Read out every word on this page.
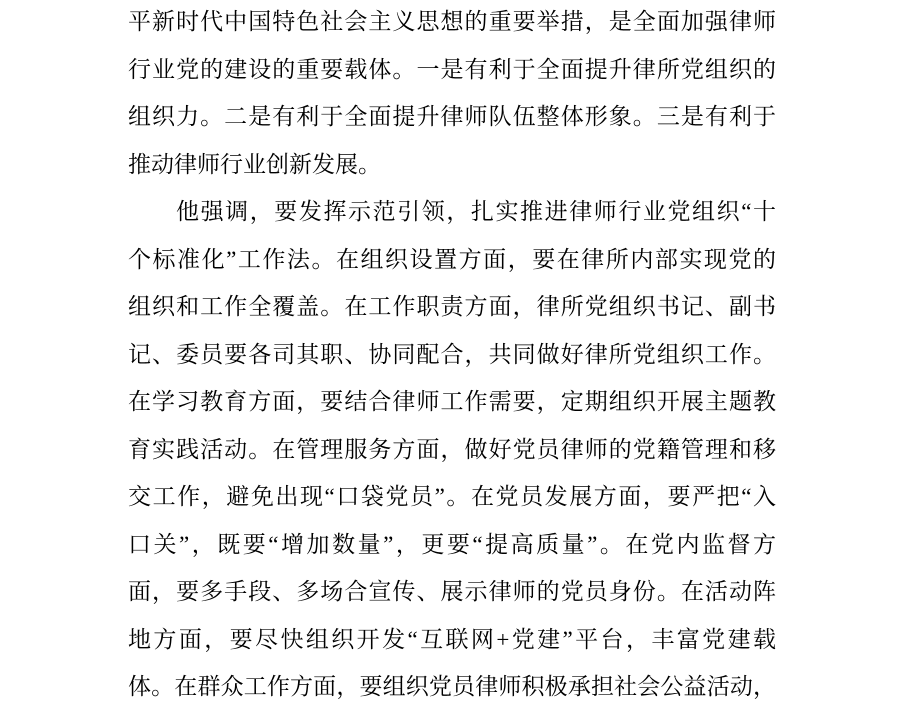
平新时代中国特色社会主义思想的重要举措，是全面加强律师
行业党的建设的重要载体。一是有利于全面提升律所党组织的
组织力。二是有利于全面提升律师队伍整体形象。三是有利于
推动律师行业创新发展。
他强调，要发挥示范引领，扎实推进律师行业党组织“十
个标准化”工作法。在组织设置方面，要在律所内部实现党的
组织和工作全覆盖。在工作职责方面，律所党组织书记、副书
记、委员要各司其职、协同配合，共同做好律所党组织工作。
在学习教育方面，要结合律师工作需要，定期组织开展主题教
育实践活动。在管理服务方面，做好党员律师的党籍管理和移
交工作，避免出现“口袋党员”。在党员发展方面，要严把“入
口关”，既要“增加数量”，更要“提高质量”。在党内监督方
面，要多手段、多场合宣传、展示律师的党员身份。在活动阵
地方面，要尽快组织开发“互联网+党建”平台，丰富党建载
体。在群众工作方面，要组织党员律师积极承担社会公益活动，
